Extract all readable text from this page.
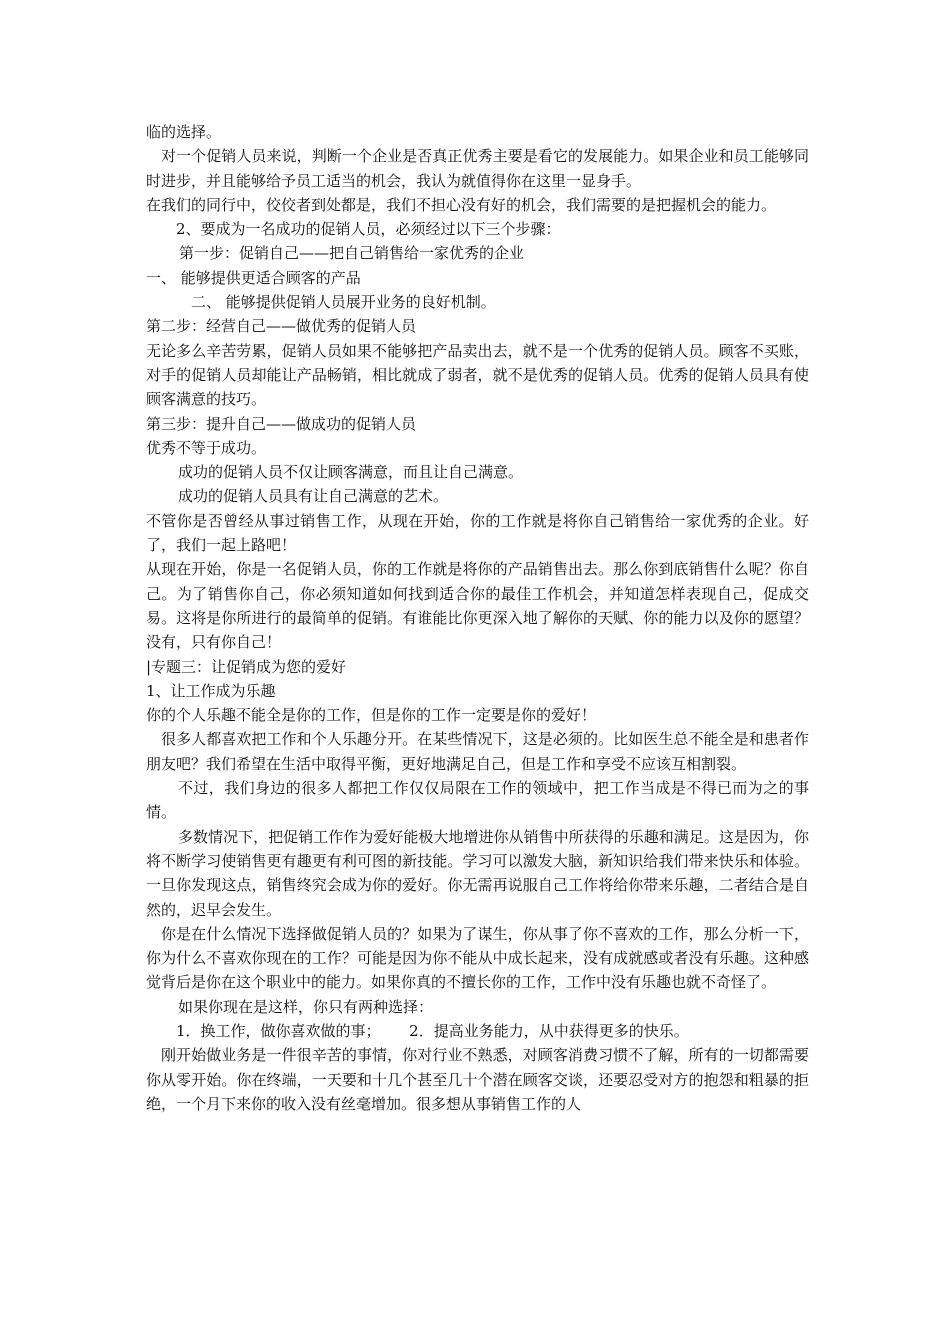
临的选择。

对一个促销人员来说，判断一个企业是否真正优秀主要是看它的发展能力。如果企业和员工能够同时进步，并且能够给予员工适当的机会，我认为就值得你在这里一显身手。

在我们的同行中，佼佼者到处都是，我们不担心没有好的机会，我们需要的是把握机会的能力。

2、要成为一名成功的促销人员，必须经过以下三个步骤：

第一步：促销自己——把自己销售给一家优秀的企业

一、 能够提供更适合顾客的产品

二、 能够提供促销人员展开业务的良好机制。

第二步：经营自己——做优秀的促销人员

无论多么辛苦劳累，促销人员如果不能够把产品卖出去，就不是一个优秀的促销人员。顾客不买账，对手的促销人员却能让产品畅销，相比就成了弱者，就不是优秀的促销人员。优秀的促销人员具有使顾客满意的技巧。

第三步：提升自己——做成功的促销人员

优秀不等于成功。

成功的促销人员不仅让顾客满意，而且让自己满意。

成功的促销人员具有让自己满意的艺术。

不管你是否曾经从事过销售工作，从现在开始，你的工作就是将你自己销售给一家优秀的企业。好了，我们一起上路吧！

从现在开始，你是一名促销人员，你的工作就是将你的产品销售出去。那么你到底销售什么呢？你自己。为了销售你自己，你必须知道如何找到适合你的最佳工作机会，并知道怎样表现自己，促成交易。这将是你所进行的最简单的促销。有谁能比你更深入地了解你的天赋、你的能力以及你的愿望？没有，只有你自己！

|专题三：让促销成为您的爱好

1、让工作成为乐趣

你的个人乐趣不能全是你的工作，但是你的工作一定要是你的爱好！

很多人都喜欢把工作和个人乐趣分开。在某些情况下，这是必须的。比如医生总不能全是和患者作朋友吧？我们希望在生活中取得平衡，更好地满足自己，但是工作和享受不应该互相割裂。

不过，我们身边的很多人都把工作仅仅局限在工作的领域中，把工作当成是不得已而为之的事情。

多数情况下，把促销工作作为爱好能极大地增进你从销售中所获得的乐趣和满足。这是因为，你将不断学习使销售更有趣更有利可图的新技能。学习可以激发大脑，新知识给我们带来快乐和体验。一旦你发现这点，销售终究会成为你的爱好。你无需再说服自己工作将给你带来乐趣，二者结合是自然的，迟早会发生。

你是在什么情况下选择做促销人员的？如果为了谋生，你从事了你不喜欢的工作，那么分析一下，你为什么不喜欢你现在的工作？可能是因为你不能从中成长起来，没有成就感或者没有乐趣。这种感觉背后是你在这个职业中的能力。如果你真的不擅长你的工作，工作中没有乐趣也就不奇怪了。

如果你现在是这样，你只有两种选择：

1．换工作，做你喜欢做的事；      2．提高业务能力，从中获得更多的快乐。

刚开始做业务是一件很辛苦的事情，你对行业不熟悉，对顾客消费习惯不了解，所有的一切都需要你从零开始。你在终端，一天要和十几个甚至几十个潜在顾客交谈，还要忍受对方的抱怨和粗暴的拒绝，一个月下来你的收入没有丝毫增加。很多想从事销售工作的人
